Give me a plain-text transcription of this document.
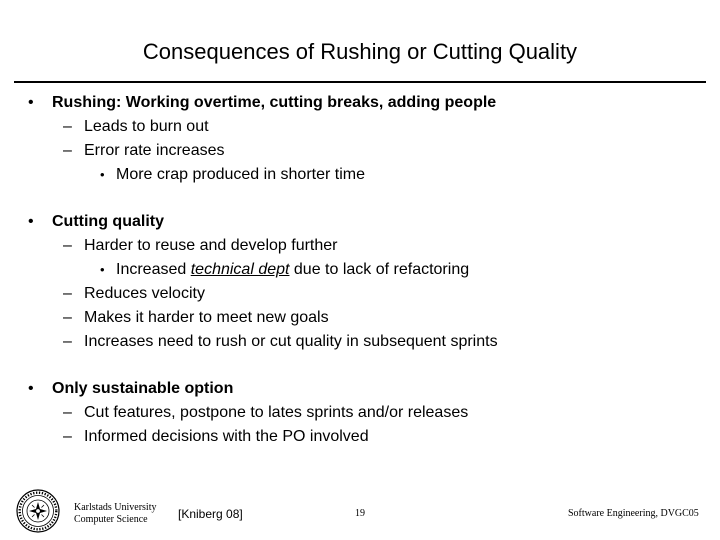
Consequences of Rushing or Cutting Quality
• Rushing: Working overtime, cutting breaks, adding people
– Leads to burn out
– Error rate increases
• More crap produced in shorter time
• Cutting quality
– Harder to reuse and develop further
• Increased technical dept due to lack of refactoring
– Reduces velocity
– Makes it harder to meet new goals
– Increases need to rush or cut quality in subsequent sprints
• Only sustainable option
– Cut features, postpone to lates sprints and/or releases
– Informed decisions with the PO involved
Karlstads University
Computer Science	[Kniberg 08]	19	Software Engineering, DVGC05
